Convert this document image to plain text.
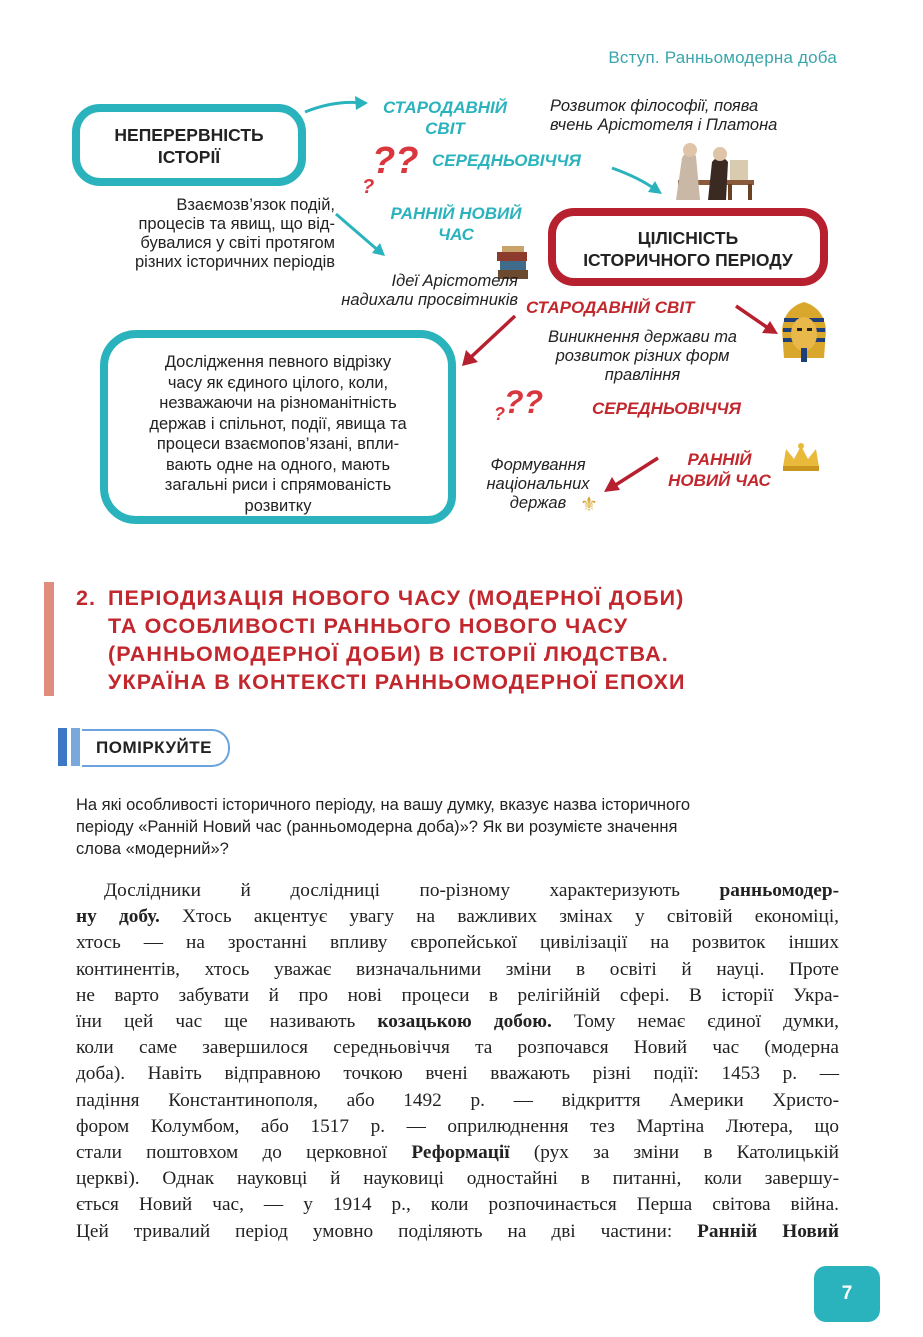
Вступ. Ранньомодерна доба
НЕПЕРЕРВНІСТЬ
ІСТОРІЇ
Взаємозв’язок подій,
процесів та явищ, що від-
бувалися у світі протягом
різних історичних періодів
СТАРОДАВНІЙ
СВІТ
СЕРЕДНЬОВІЧЧЯ
РАННІЙ НОВИЙ
ЧАС
Розвиток філософії, поява
вчень Арістотеля і Платона
??
?
ЦІЛІСНІСТЬ
ІСТОРИЧНОГО ПЕРІОДУ
Ідеї Арістотеля
надихали просвітників СТАРОДАВНІЙ СВІТ
Виникнення держави та
розвиток різних форм
правління
??
?	СЕРЕДНЬОВІЧЧЯ
РАННІЙ
НОВИЙ ЧАС
Формування
національних
держав ⚜
Дослідження певного відрізку
часу як єдиного цілого, коли,
незважаючи на різноманітність
держав і спільнот, події, явища та
процеси взаємопов’язані, впли-
вають одне на одного, мають
загальні риси і спрямованість
розвитку
2. ПЕРІОДИЗАЦІЯ НОВОГО ЧАСУ (МОДЕРНОЇ ДОБИ)
ТА ОСОБЛИВОСТІ РАННЬОГО НОВОГО ЧАСУ
(РАННЬОМОДЕРНОЇ ДОБИ) В ІСТОРІЇ ЛЮДСТВА.
УКРАЇНА В КОНТЕКСТІ РАННЬОМОДЕРНОЇ ЕПОХИ
ПОМІРКУЙТЕ
На які особливості історичного періоду, на вашу думку, вказує назва історичного
періоду «Ранній Новий час (ранньомодерна доба)»? Як ви розумієте значення
слова «модерний»?
Дослідники й дослідниці по-різному характеризують ранньомодер-
ну добу. Хтось акцентує увагу на важливих змінах у світовій економіці,
хтось — на зростанні впливу європейської цивілізації на розвиток інших
континентів, хтось уважає визначальними зміни в освіті й науці. Проте
не варто забувати й про нові процеси в релігійній сфері. В історії Укра-
їни цей час ще називають козацькою добою. Тому немає єдиної думки,
коли саме завершилося середньовіччя та розпочався Новий час (модерна
доба). Навіть відправною точкою вчені вважають різні події: 1453 р. —
падіння Константинополя, або 1492 р. — відкриття Америки Христо-
фором Колумбом, або 1517 р. — оприлюднення тез Мартіна Лютера, що
стали поштовхом до церковної Реформації (рух за зміни в Католицькій
церкві). Однак науковці й науковиці одностайні в питанні, коли завершу-
ється Новий час, — у 1914 р., коли розпочинається Перша світова війна.
Цей тривалий період умовно поділяють на дві частини: Ранній Новий
7
